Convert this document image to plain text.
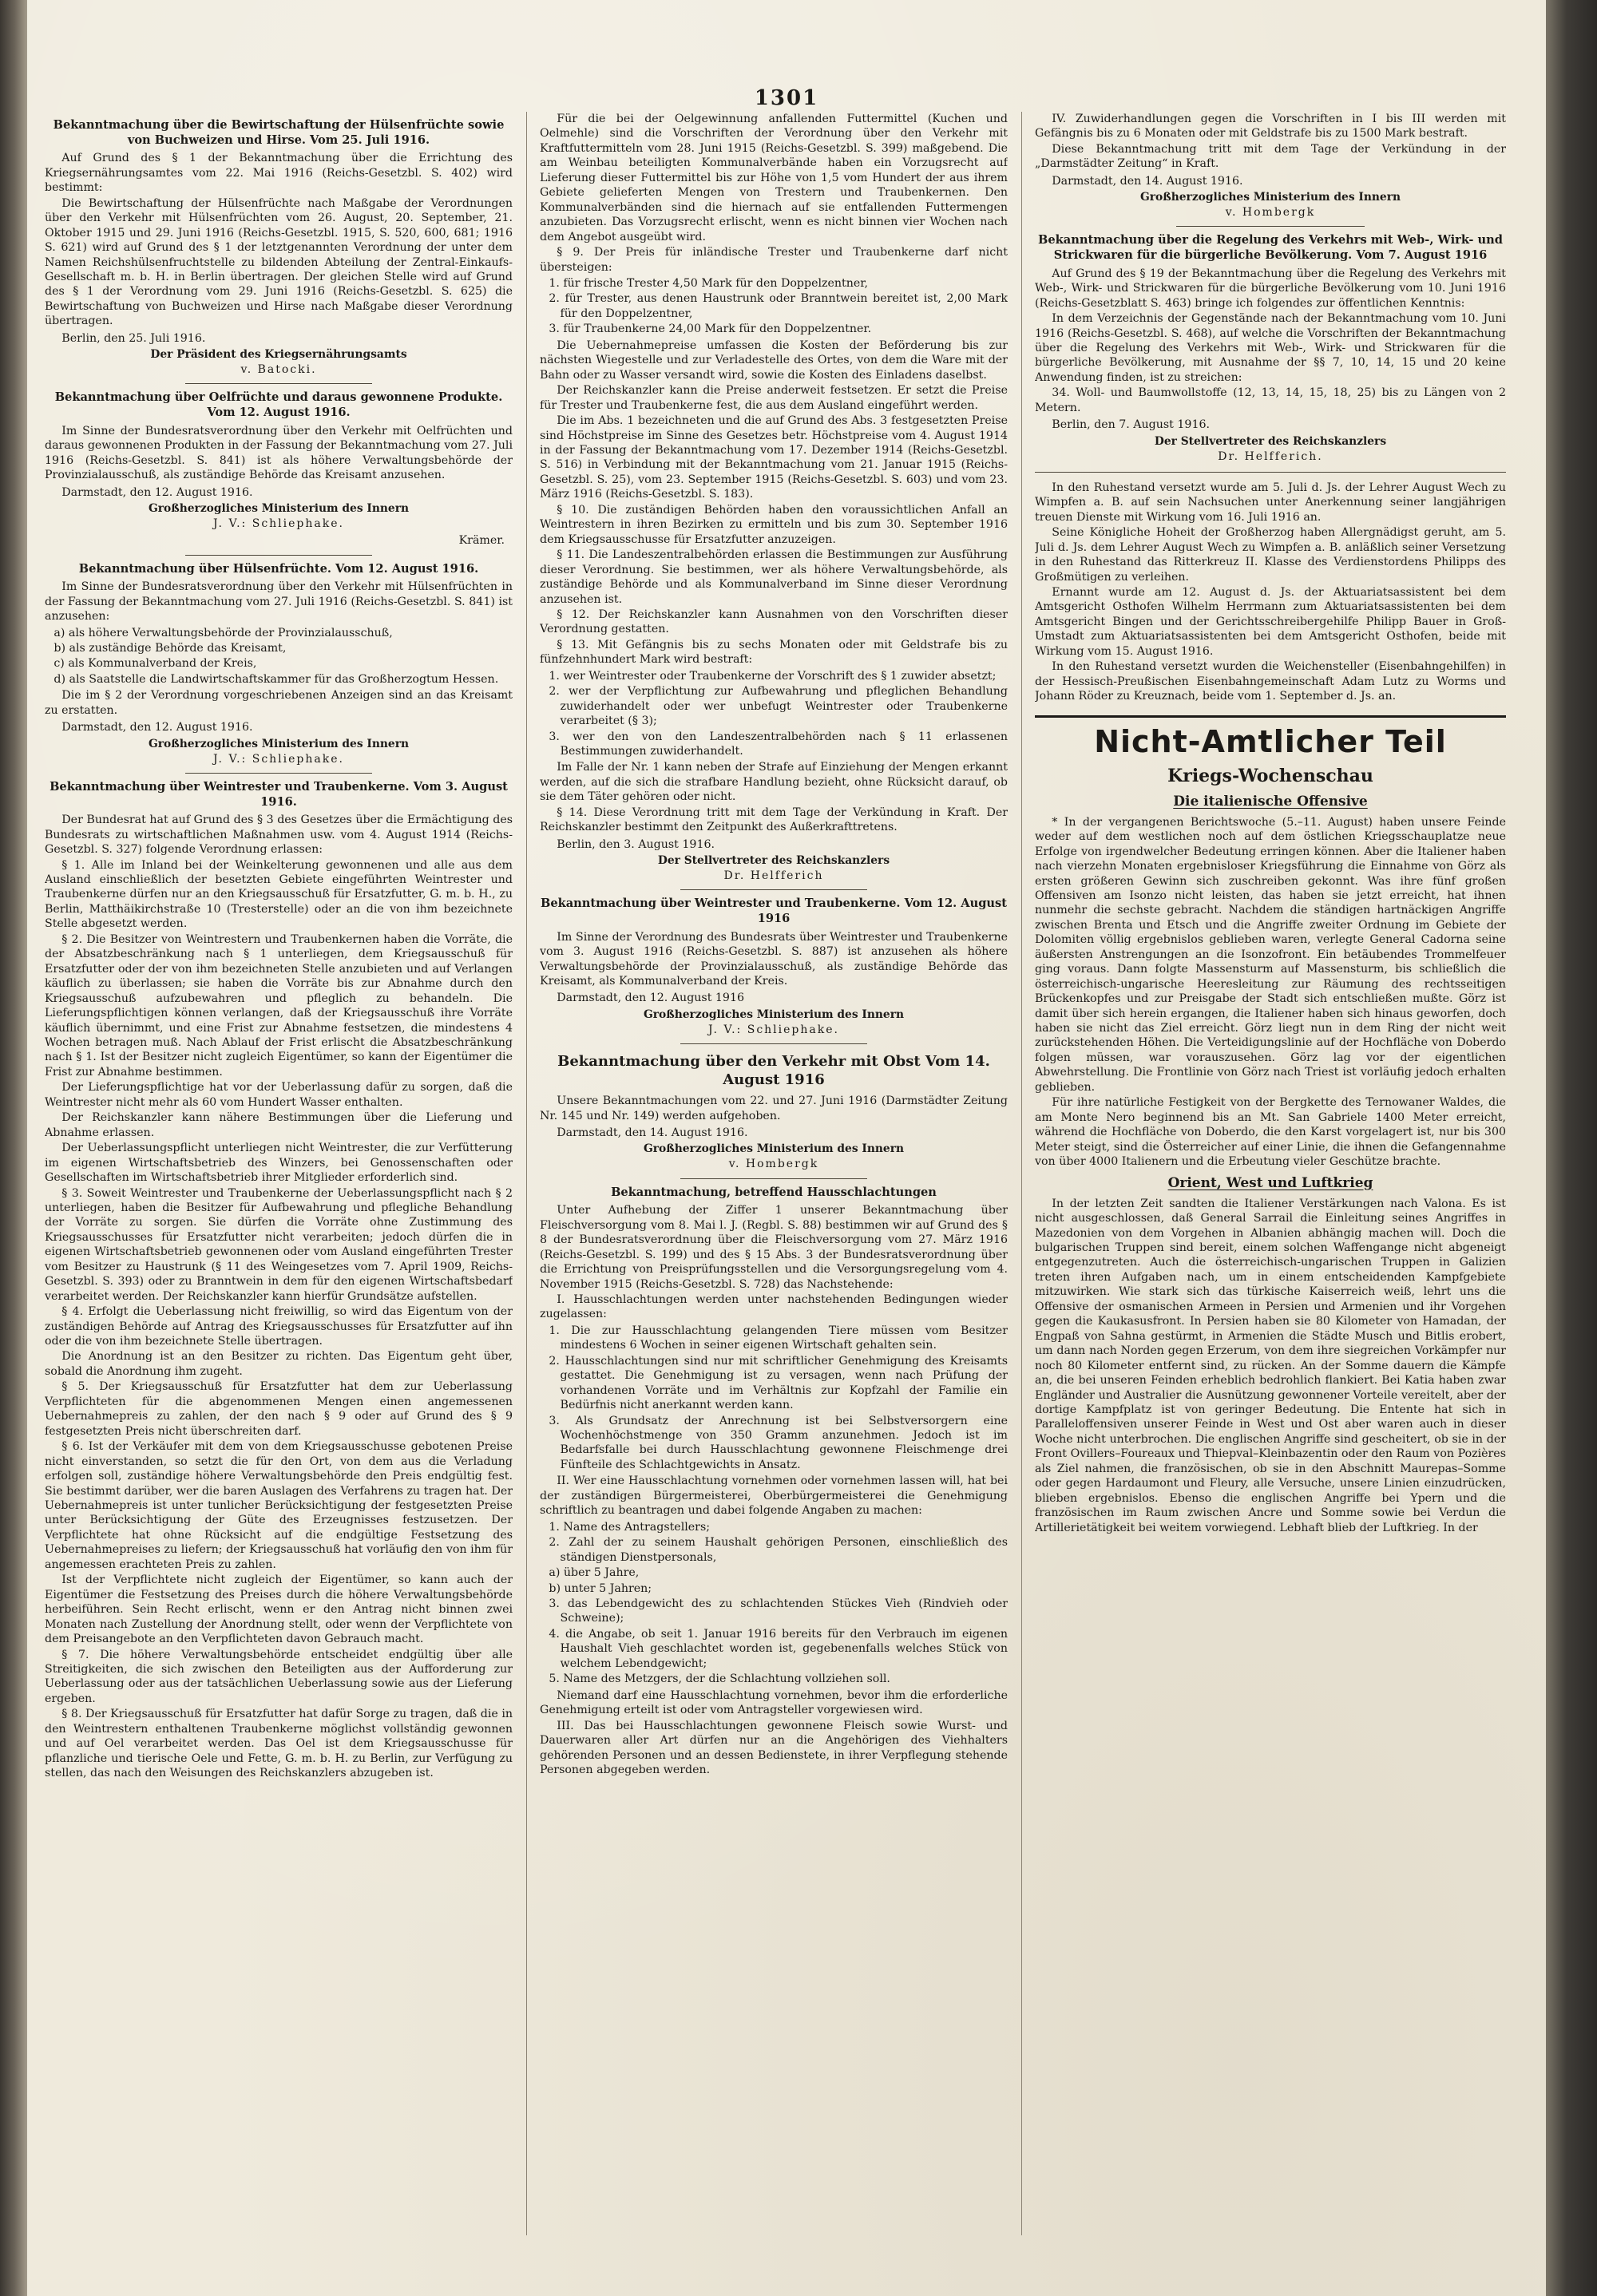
1301
Bekanntmachung über die Bewirtschaftung der Hülsenfrüchte sowie von Buchweizen und Hirse. Vom 25. Juli 1916.

Auf Grund des § 1 der Bekanntmachung über die Errichtung des Kriegsernährungsamtes vom 22. Mai 1916 (Reichs-Gesetzbl. S. 402) wird bestimmt:

Die Bewirtschaftung der Hülsenfrüchte nach Maßgabe der Verordnungen über den Verkehr mit Hülsenfrüchten vom 26. August, 20. September, 21. Oktober 1915 und 29. Juni 1916 (Reichs-Gesetzbl. 1915, S. 520, 600, 681; 1916 S. 621) wird auf Grund des § 1 der letztgenannten Verordnung der unter dem Namen Reichshülsenfruchtstelle zu bildenden Abteilung der Zentral-Einkaufs-Gesellschaft m. b. H. in Berlin übertragen. Der gleichen Stelle wird auf Grund des § 1 der Verordnung vom 29. Juni 1916 (Reichs-Gesetzbl. S. 625) die Bewirtschaftung von Buchweizen und Hirse nach Maßgabe dieser Verordnung übertragen.

Berlin, den 25. Juli 1916.
Der Präsident des Kriegsernährungsamts
v. Batocki.
Bekanntmachung über Oelfrüchte und daraus gewonnene Produkte. Vom 12. August 1916.

Im Sinne der Bundesratsverordnung über den Verkehr mit Oelfrüchten und daraus gewonnenen Produkten in der Fassung der Bekanntmachung vom 27. Juli 1916 (Reichs-Gesetzbl. S. 841) ist als höhere Verwaltungsbehörde der Provinzialausschuß, als zuständige Behörde das Kreisamt anzusehen.

Darmstadt, den 12. August 1916.
Großherzogliches Ministerium des Innern
J. V.: Schliephake.
Krämer.
Bekanntmachung über Hülsenfrüchte. Vom 12. August 1916.

Im Sinne der Bundesratsverordnung über den Verkehr mit Hülsenfrüchten in der Fassung der Bekanntmachung vom 27. Juli 1916 (Reichs-Gesetzbl. S. 841) ist anzusehen:

a) als höhere Verwaltungsbehörde der Provinzialausschuß,
b) als zuständige Behörde das Kreisamt,
c) als Kommunalverband der Kreis,
d) als Saatstelle die Landwirtschaftskammer für das Großherzogtum Hessen.

Die im § 2 der Verordnung vorgeschriebenen Anzeigen sind an das Kreisamt zu erstatten.

Darmstadt, den 12. August 1916.
Großherzogliches Ministerium des Innern
J. V.: Schliephake.
Bekanntmachung über Weintrester und Traubenkerne. Vom 3. August 1916.

Der Bundesrat hat auf Grund des § 3 des Gesetzes über die Ermächtigung des Bundesrats zu wirtschaftlichen Maßnahmen usw. vom 4. August 1914 (Reichs-Gesetzbl. S. 327) folgende Verordnung erlassen:

§ 1. Alle im Inland bei der Weinkelterung gewonnenen und alle aus dem Ausland einschließlich der besetzten Gebiete eingeführten Weintrester und Traubenkerne dürfen nur an den Kriegsausschuß für Ersatzfutter, G. m. b. H., zu Berlin, Matthäikirchstraße 10 (Tresterstelle) oder an die von ihm bezeichnete Stelle abgesetzt werden.

§ 2. Die Besitzer von Weintrestern und Traubenkernen haben die Vorräte, die der Absatzbeschränkung nach § 1 unterliegen, dem Kriegsausschuß für Ersatzfutter oder der von ihm bezeichneten Stelle anzubieten und auf Verlangen käuflich zu überlassen; sie haben die Vorräte bis zur Abnahme durch den Kriegsausschuß aufzubewahren und pfleglich zu behandeln. Die Lieferungspflichtigen können verlangen, daß der Kriegsausschuß ihre Vorräte käuflich übernimmt, und eine Frist zur Abnahme festsetzen, die mindestens 4 Wochen betragen muß. Nach Ablauf der Frist erlischt die Absatzbeschränkung nach § 1. Ist der Besitzer nicht zugleich Eigentümer, so kann der Eigentümer die Frist zur Abnahme bestimmen.

Der Lieferungspflichtige hat vor der Ueberlassung dafür zu sorgen, daß die Weintrester nicht mehr als 60 vom Hundert Wasser enthalten.

Der Reichskanzler kann nähere Bestimmungen über die Lieferung und Abnahme erlassen.

Der Ueberlassungspflicht unterliegen nicht Weintrester, die zur Verfütterung im eigenen Wirtschaftsbetrieb des Winzers, bei Genossenschaften oder Gesellschaften im Wirtschaftsbetrieb ihrer Mitglieder erforderlich sind.

§ 3. Soweit Weintrester und Traubenkerne der Ueberlassungspflicht nach § 2 unterliegen, haben die Besitzer für Aufbewahrung und pflegliche Behandlung der Vorräte zu sorgen. Sie dürfen die Vorräte ohne Zustimmung des Kriegsausschusses für Ersatzfutter nicht verarbeiten; jedoch dürfen die in eigenen Wirtschaftsbetrieb gewonnenen oder vom Ausland eingeführten Trester vom Besitzer zu Haustrunk (§ 11 des Weingesetzes vom 7. April 1909, Reichs-Gesetzbl. S. 393) oder zu Branntwein in dem für den eigenen Wirtschaftsbedarf verarbeitet werden. Der Reichskanzler kann hierfür Grundsätze aufstellen.

§ 4. Erfolgt die Ueberlassung nicht freiwillig, so wird das Eigentum von der zuständigen Behörde auf Antrag des Kriegsausschusses für Ersatzfutter auf ihn oder die von ihm bezeichnete Stelle übertragen.

Die Anordnung ist an den Besitzer zu richten. Das Eigentum geht über, sobald die Anordnung ihm zugeht.

§ 5. Der Kriegsausschuß für Ersatzfutter hat dem zur Ueberlassung Verpflichteten für die abgenommenen Mengen einen angemessenen Uebernahmepreis zu zahlen, der den nach § 9 oder auf Grund des § 9 festgesetzten Preis nicht überschreiten darf.

§ 6. Ist der Verkäufer mit dem von dem Kriegsausschusse gebotenen Preise nicht einverstanden, so setzt die für den Ort, von dem aus die Verladung erfolgen soll, zuständige höhere Verwaltungsbehörde den Preis endgültig fest. Sie bestimmt darüber, wer die baren Auslagen des Verfahrens zu tragen hat. Der Uebernahmepreis ist unter tunlicher Berücksichtigung der festgesetzten Preise unter Berücksichtigung der Güte des Erzeugnisses festzusetzen. Der Verpflichtete hat ohne Rücksicht auf die endgültige Festsetzung des Uebernahmepreises zu liefern; der Kriegsausschuß hat vorläufig den von ihm für angemessen erachteten Preis zu zahlen.

Ist der Verpflichtete nicht zugleich der Eigentümer, so kann auch der Eigentümer die Festsetzung des Preises durch die höhere Verwaltungsbehörde herbeiführen. Sein Recht erlischt, wenn er den Antrag nicht binnen zwei Monaten nach Zustellung der Anordnung stellt, oder wenn der Verpflichtete von dem Preisangebote an den Verpflichteten davon Gebrauch macht.

§ 7. Die höhere Verwaltungsbehörde entscheidet endgültig über alle Streitigkeiten, die sich zwischen den Beteiligten aus der Aufforderung zur Ueberlassung oder aus der tatsächlichen Ueberlassung sowie aus der Lieferung ergeben.

§ 8. Der Kriegsausschuß für Ersatzfutter hat dafür Sorge zu tragen, daß die in den Weintrestern enthaltenen Traubenkerne möglichst vollständig gewonnen und auf Oel verarbeitet werden. Das Oel ist dem Kriegsausschusse für pflanzliche und tierische Oele und Fette, G. m. b. H. zu Berlin, zur Verfügung zu stellen, das nach den Weisungen des Reichskanzlers abzugeben ist.

Für die bei der Oelgewinnung anfallenden Futtermittel (Kuchen und Oelmehle) sind die Vorschriften der Verordnung über den Verkehr mit Kraftfuttermitteln vom 28. Juni 1915 (Reichs-Gesetzbl. S. 399) maßgebend. Die am Weinbau beteiligten Kommunalverbände haben ein Vorzugsrecht auf Lieferung dieser Futtermittel bis zur Höhe von 1,5 vom Hundert der aus ihrem Gebiete gelieferten Mengen von Trestern und Traubenkernen. Den Kommunalverbänden sind die hiernach auf sie entfallenden Futtermengen anzubieten. Das Vorzugsrecht erlischt, wenn es nicht binnen vier Wochen nach dem Angebot ausgeübt wird.

§ 9. Der Preis für inländische Trester und Traubenkerne darf nicht übersteigen:

1. für frische Trester 4,50 Mark für den Doppelzentner,
2. für Trester, aus denen Haustrunk oder Branntwein bereitet ist, 2,00 Mark für den Doppelzentner,
3. für Traubenkerne 24,00 Mark für den Doppelzentner.

Die Uebernahmepreise umfassen die Kosten der Beförderung bis zur nächsten Wiegestelle und zur Verladestelle des Ortes, von dem die Ware mit der Bahn oder zu Wasser versandt wird, sowie die Kosten des Einladens daselbst.

Der Reichskanzler kann die Preise anderweit festsetzen. Er setzt die Preise für Trester und Traubenkerne fest, die aus dem Ausland eingeführt werden.

Die im Abs. 1 bezeichneten und die auf Grund des Abs. 3 festgesetzten Preise sind Höchstpreise im Sinne des Gesetzes betr. Höchstpreise vom 4. August 1914 in der Fassung der Bekanntmachung vom 17. Dezember 1914 (Reichs-Gesetzbl. S. 516) in Verbindung mit der Bekanntmachung vom 21. Januar 1915 (Reichs-Gesetzbl. S. 25), vom 23. September 1915 (Reichs-Gesetzbl. S. 603) und vom 23. März 1916 (Reichs-Gesetzbl. S. 183).

§ 10. Die zuständigen Behörden haben den voraussichtlichen Anfall an Weintrestern in ihren Bezirken zu ermitteln und bis zum 30. September 1916 dem Kriegsausschusse für Ersatzfutter anzuzeigen.

§ 11. Die Landeszentralbehörden erlassen die Bestimmungen zur Ausführung dieser Verordnung. Sie bestimmen, wer als höhere Verwaltungsbehörde, als zuständige Behörde und als Kommunalverband im Sinne dieser Verordnung anzusehen ist.

§ 12. Der Reichskanzler kann Ausnahmen von den Vorschriften dieser Verordnung gestatten.

§ 13. Mit Gefängnis bis zu sechs Monaten oder mit Geldstrafe bis zu fünfzehnhundert Mark wird bestraft:

1. wer Weintrester oder Traubenkerne der Vorschrift des § 1 zuwider absetzt;
2. wer der Verpflichtung zur Aufbewahrung und pfleglichen Behandlung zuwiderhandelt oder wer unbefugt Weintrester oder Traubenkerne verarbeitet (§ 3);
3. wer den von den Landeszentralbehörden nach § 11 erlassenen Bestimmungen zuwiderhandelt.

Im Falle der Nr. 1 kann neben der Strafe auf Einziehung der Mengen erkannt werden, auf die sich die strafbare Handlung bezieht, ohne Rücksicht darauf, ob sie dem Täter gehören oder nicht.

§ 14. Diese Verordnung tritt mit dem Tage der Verkündung in Kraft. Der Reichskanzler bestimmt den Zeitpunkt des Außerkrafttretens.

Berlin, den 3. August 1916.
Der Stellvertreter des Reichskanzlers
Dr. Helfferich
Bekanntmachung über Weintrester und Traubenkerne. Vom 12. August 1916

Im Sinne der Verordnung des Bundesrats über Weintrester und Traubenkerne vom 3. August 1916 (Reichs-Gesetzbl. S. 887) ist anzusehen als höhere Verwaltungsbehörde der Provinzialausschuß, als zuständige Behörde das Kreisamt, als Kommunalverband der Kreis.

Darmstadt, den 12. August 1916
Großherzogliches Ministerium des Innern
J. V.: Schliephake.
Bekanntmachung über den Verkehr mit Obst Vom 14. August 1916

Unsere Bekanntmachungen vom 22. und 27. Juni 1916 (Darmstädter Zeitung Nr. 145 und Nr. 149) werden aufgehoben.

Darmstadt, den 14. August 1916.
Großherzogliches Ministerium des Innern
v. Hombergk
Bekanntmachung, betreffend Hausschlachtungen

Unter Aufhebung der Ziffer 1 unserer Bekanntmachung über Fleischversorgung vom 8. Mai l. J. (Regbl. S. 88) bestimmen wir auf Grund des § 8 der Bundesratsverordnung über die Fleischversorgung vom 27. März 1916 (Reichs-Gesetzbl. S. 199) und des § 15 Abs. 3 der Bundesratsverordnung über die Errichtung von Preisprüfungsstellen und die Versorgungsregelung vom 4. November 1915 (Reichs-Gesetzbl. S. 728) das Nachstehende:

I. Hausschlachtungen werden unter nachstehenden Bedingungen wieder zugelassen:

1. Die zur Hausschlachtung gelangenden Tiere müssen vom Besitzer mindestens 6 Wochen in seiner eigenen Wirtschaft gehalten sein.
2. Hausschlachtungen sind nur mit schriftlicher Genehmigung des Kreisamts gestattet. Die Genehmigung ist zu versagen, wenn nach Prüfung der vorhandenen Vorräte und im Verhältnis zur Kopfzahl der Familie ein Bedürfnis nicht anerkannt werden kann.
3. Als Grundsatz der Anrechnung ist bei Selbstversorgern eine Wochenhöchstmenge von 350 Gramm anzunehmen. Jedoch ist im Bedarfsfalle bei durch Hausschlachtung gewonnene Fleischmenge drei Fünfteile des Schlachtgewichts in Ansatz.

II. Wer eine Hausschlachtung vornehmen oder vornehmen lassen will, hat bei der zuständigen Bürgermeisterei, Oberbürgermeisterei die Genehmigung schriftlich zu beantragen und dabei folgende Angaben zu machen:

1. Name des Antragstellers;
2. Zahl der zu seinem Haushalt gehörigen Personen, einschließlich des ständigen Dienstpersonals,
a) über 5 Jahre,
b) unter 5 Jahren;
3. das Lebendgewicht des zu schlachtenden Stückes Vieh (Rindvieh oder Schweine);
4. die Angabe, ob seit 1. Januar 1916 bereits für den Verbrauch im eigenen Haushalt Vieh geschlachtet worden ist, gegebenenfalls welches Stück von welchem Lebendgewicht;
5. Name des Metzgers, der die Schlachtung vollziehen soll.

Niemand darf eine Hausschlachtung vornehmen, bevor ihm die erforderliche Genehmigung erteilt ist oder vom Antragsteller vorgewiesen wird.

III. Das bei Hausschlachtungen gewonnene Fleisch sowie Wurst- und Dauerwaren aller Art dürfen nur an die Angehörigen des Viehhalters gehörenden Personen und an dessen Bedienstete, in ihrer Verpflegung stehende Personen abgegeben werden.

IV. Zuwiderhandlungen gegen die Vorschriften in I bis III werden mit Gefängnis bis zu 6 Monaten oder mit Geldstrafe bis zu 1500 Mark bestraft.

Diese Bekanntmachung tritt mit dem Tage der Verkündung in der „Darmstädter Zeitung“ in Kraft.

Darmstadt, den 14. August 1916.
Großherzogliches Ministerium des Innern
v. Hombergk
Bekanntmachung über die Regelung des Verkehrs mit Web-, Wirk- und Strickwaren für die bürgerliche Bevölkerung. Vom 7. August 1916

Auf Grund des § 19 der Bekanntmachung über die Regelung des Verkehrs mit Web-, Wirk- und Strickwaren für die bürgerliche Bevölkerung vom 10. Juni 1916 (Reichs-Gesetzblatt S. 463) bringe ich folgendes zur öffentlichen Kenntnis:

In dem Verzeichnis der Gegenstände nach der Bekanntmachung vom 10. Juni 1916 (Reichs-Gesetzbl. S. 468), auf welche die Vorschriften der Bekanntmachung über die Regelung des Verkehrs mit Web-, Wirk- und Strickwaren für die bürgerliche Bevölkerung, mit Ausnahme der §§ 7, 10, 14, 15 und 20 keine Anwendung finden, ist zu streichen:

34. Woll- und Baumwollstoffe (12, 13, 14, 15, 18, 25) bis zu Längen von 2 Metern.

Berlin, den 7. August 1916.
Der Stellvertreter des Reichskanzlers
Dr. Helfferich.

In den Ruhestand versetzt wurde am 5. Juli d. Js. der Lehrer August Wech zu Wimpfen a. B. auf sein Nachsuchen unter Anerkennung seiner langjährigen treuen Dienste mit Wirkung vom 16. Juli 1916 an.

Seine Königliche Hoheit der Großherzog haben Allergnädigst geruht, am 5. Juli d. Js. dem Lehrer August Wech zu Wimpfen a. B. anläßlich seiner Versetzung in den Ruhestand das Ritterkreuz II. Klasse des Verdienstordens Philipps des Großmütigen zu verleihen.

Ernannt wurde am 12. August d. Js. der Aktuariatsassistent bei dem Amtsgericht Osthofen Wilhelm Herrmann zum Aktuariatsassistenten bei dem Amtsgericht Bingen und der Gerichtsschreibergehilfe Philipp Bauer in Groß-Umstadt zum Aktuariatsassistenten bei dem Amtsgericht Osthofen, beide mit Wirkung vom 15. August 1916.

In den Ruhestand versetzt wurden die Weichensteller (Eisenbahngehilfen) in der Hessisch-Preußischen Eisenbahngemeinschaft Adam Lutz zu Worms und Johann Röder zu Kreuznach, beide vom 1. September d. Js. an.

Nicht-Amtlicher Teil
Kriegs-Wochenschau
Die italienische Offensive

* In der vergangenen Berichtswoche (5.–11. August) haben unsere Feinde weder auf dem westlichen noch auf dem östlichen Kriegsschauplatze neue Erfolge von irgendwelcher Bedeutung erringen können. Aber die Italiener haben nach vierzehn Monaten ergebnisloser Kriegsführung die Einnahme von Görz als ersten größeren Gewinn sich zuschreiben gekonnt. Was ihre fünf großen Offensiven am Isonzo nicht leisten, das haben sie jetzt erreicht, hat ihnen nunmehr die sechste gebracht. Nachdem die ständigen hartnäckigen Angriffe zwischen Brenta und Etsch und die Angriffe zweiter Ordnung im Gebiete der Dolomiten völlig ergebnislos geblieben waren, verlegte General Cadorna seine äußersten Anstrengungen an die Isonzofront. Ein betäubendes Trommelfeuer ging voraus. Dann folgte Massensturm auf Massensturm, bis schließlich die österreichisch-ungarische Heeresleitung zur Räumung des rechtsseitigen Brückenkopfes und zur Preisgabe der Stadt sich entschließen mußte. Görz ist damit über sich herein ergangen, die Italiener haben sich hinaus geworfen, doch haben sie nicht das Ziel erreicht. Görz liegt nun in dem Ring der nicht weit zurückstehenden Höhen. Die Verteidigungslinie auf der Hochfläche von Doberdo folgen müssen, war vorauszusehen. Görz lag vor der eigentlichen Abwehrstellung. Die Frontlinie von Görz nach Triest ist vorläufig jedoch erhalten geblieben.

Für ihre natürliche Festigkeit von der Bergkette des Ternowaner Waldes, die am Monte Nero beginnend bis an Mt. San Gabriele 1400 Meter erreicht, während die Hochfläche von Doberdo, die den Karst vorgelagert ist, nur bis 300 Meter steigt, sind die Österreicher auf einer Linie, die ihnen die Gefangennahme von über 4000 Italienern und die Erbeutung vieler Geschütze brachte.

Orient, West und Luftkrieg

In der letzten Zeit sandten die Italiener Verstärkungen nach Valona. Es ist nicht ausgeschlossen, daß General Sarrail die Einleitung seines Angriffes in Mazedonien von dem Vorgehen in Albanien abhängig machen will. Doch die bulgarischen Truppen sind bereit, einem solchen Waffengange nicht abgeneigt entgegenzutreten. Auch die österreichisch-ungarischen Truppen in Galizien treten ihren Aufgaben nach, um in einem entscheidenden Kampfgebiete mitzuwirken. Wie stark sich das türkische Kaiserreich weiß, lehrt uns die Offensive der osmanischen Armeen in Persien und Armenien und ihr Vorgehen gegen die Kaukasusfront. In Persien haben sie 80 Kilometer von Hamadan, der Engpaß von Sahna gestürmt, in Armenien die Städte Musch und Bitlis erobert, um dann nach Norden gegen Erzerum, von dem ihre siegreichen Vorkämpfer nur noch 80 Kilometer entfernt sind, zu rücken. An der Somme dauern die Kämpfe an, die bei unseren Feinden erheblich bedrohlich flankiert. Bei Katia haben zwar Engländer und Australier die Ausnützung gewonnener Vorteile vereitelt, aber der dortige Kampfplatz ist von geringer Bedeutung. Die Entente hat sich in Paralleloffensiven unserer Feinde in West und Ost aber waren auch in dieser Woche nicht unterbrochen. Die englischen Angriffe sind gescheitert, ob sie in der Front Ovillers–Foureaux und Thiepval–Kleinbazentin oder den Raum von Pozières als Ziel nahmen, die französischen, ob sie in den Abschnitt Maurepas–Somme oder gegen Hardaumont und Fleury, alle Versuche, unsere Linien einzudrücken, blieben ergebnislos. Ebenso die englischen Angriffe bei Ypern und die französischen im Raum zwischen Ancre und Somme sowie bei Verdun die Artillerietätigkeit bei weitem vorwiegend. Lebhaft blieb der Luftkrieg. In der
